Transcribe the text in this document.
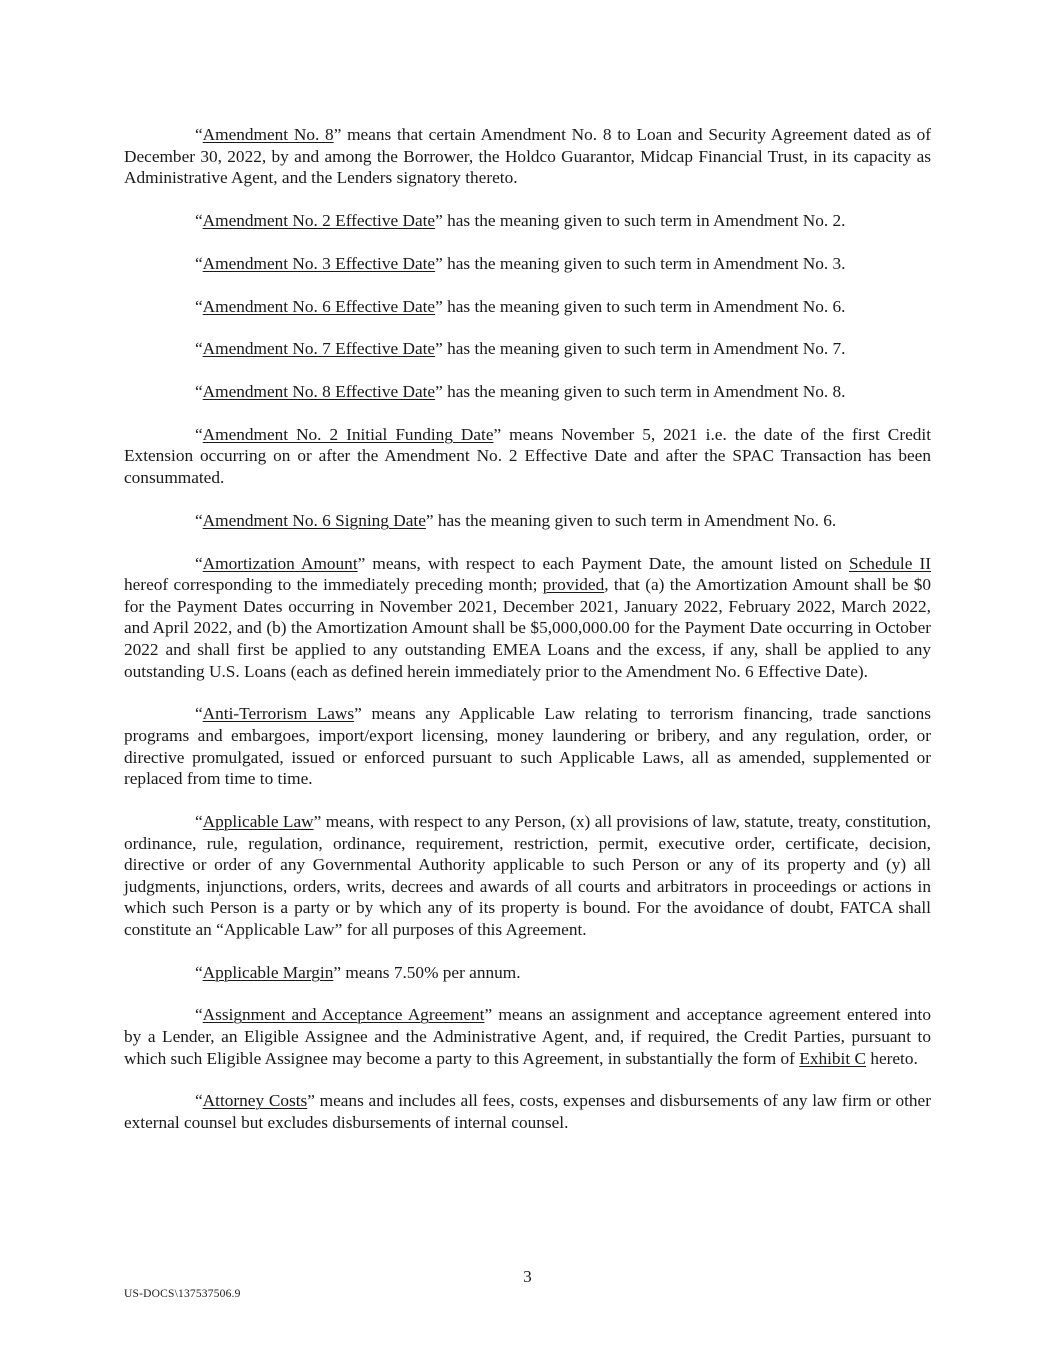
“Amendment No. 8” means that certain Amendment No. 8 to Loan and Security Agreement dated as of December 30, 2022, by and among the Borrower, the Holdco Guarantor, Midcap Financial Trust, in its capacity as Administrative Agent, and the Lenders signatory thereto.

“Amendment No. 2 Effective Date” has the meaning given to such term in Amendment No. 2.

“Amendment No. 3 Effective Date” has the meaning given to such term in Amendment No. 3.

“Amendment No. 6 Effective Date” has the meaning given to such term in Amendment No. 6.

“Amendment No. 7 Effective Date” has the meaning given to such term in Amendment No. 7.

“Amendment No. 8 Effective Date” has the meaning given to such term in Amendment No. 8.

“Amendment No. 2 Initial Funding Date” means November 5, 2021 i.e. the date of the first Credit Extension occurring on or after the Amendment No. 2 Effective Date and after the SPAC Transaction has been consummated.

“Amendment No. 6 Signing Date” has the meaning given to such term in Amendment No. 6.

“Amortization Amount” means, with respect to each Payment Date, the amount listed on Schedule II hereof corresponding to the immediately preceding month; provided, that (a) the Amortization Amount shall be $0 for the Payment Dates occurring in November 2021, December 2021, January 2022, February 2022, March 2022, and April 2022, and (b) the Amortization Amount shall be $5,000,000.00 for the Payment Date occurring in October 2022 and shall first be applied to any outstanding EMEA Loans and the excess, if any, shall be applied to any outstanding U.S. Loans (each as defined herein immediately prior to the Amendment No. 6 Effective Date).

“Anti-Terrorism Laws” means any Applicable Law relating to terrorism financing, trade sanctions programs and embargoes, import/export licensing, money laundering or bribery, and any regulation, order, or directive promulgated, issued or enforced pursuant to such Applicable Laws, all as amended, supplemented or replaced from time to time.

“Applicable Law” means, with respect to any Person, (x) all provisions of law, statute, treaty, constitution, ordinance, rule, regulation, ordinance, requirement, restriction, permit, executive order, certificate, decision, directive or order of any Governmental Authority applicable to such Person or any of its property and (y) all judgments, injunctions, orders, writs, decrees and awards of all courts and arbitrators in proceedings or actions in which such Person is a party or by which any of its property is bound. For the avoidance of doubt, FATCA shall constitute an “Applicable Law” for all purposes of this Agreement.

“Applicable Margin” means 7.50% per annum.

“Assignment and Acceptance Agreement” means an assignment and acceptance agreement entered into by a Lender, an Eligible Assignee and the Administrative Agent, and, if required, the Credit Parties, pursuant to which such Eligible Assignee may become a party to this Agreement, in substantially the form of Exhibit C hereto.

“Attorney Costs” means and includes all fees, costs, expenses and disbursements of any law firm or other external counsel but excludes disbursements of internal counsel.

3
US-DOCS\137537506.9
